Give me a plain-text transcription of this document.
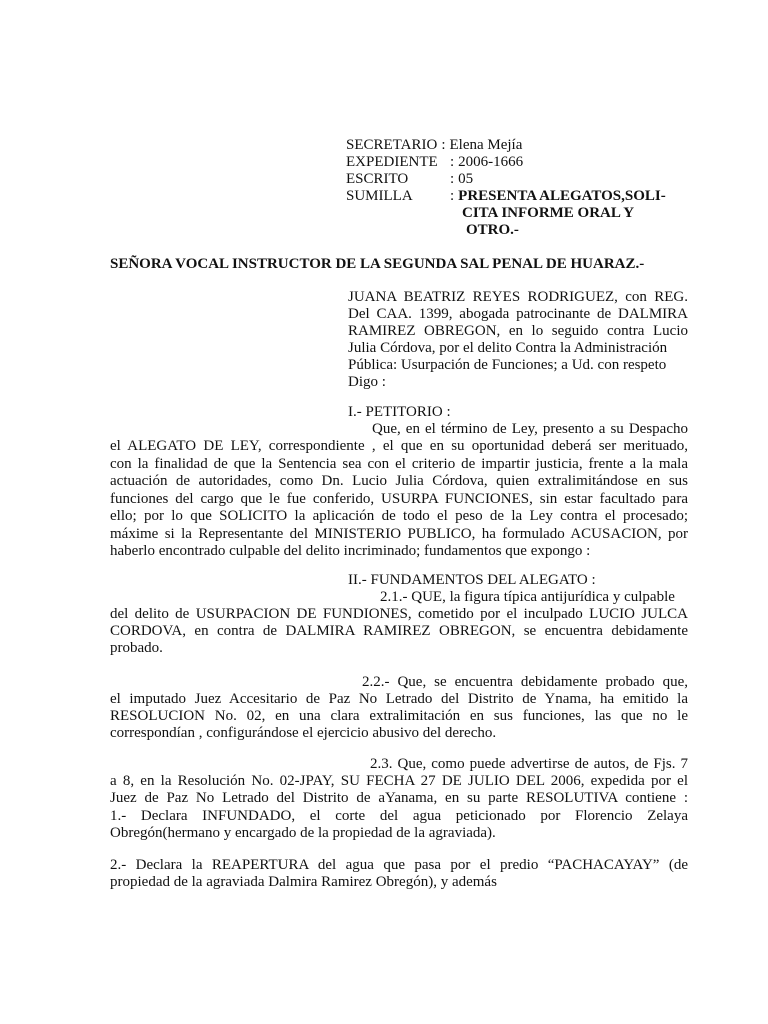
SECRETARIO : Elena Mejía
EXPEDIENTE : 2006-1666
ESCRITO	: 05
SUMILLA : PRESENTA ALEGATOS,SOLI-
CITA INFORME ORAL Y
OTRO.-
SEÑORA VOCAL INSTRUCTOR DE LA SEGUNDA SAL PENAL DE HUARAZ.-
JUANA BEATRIZ REYES RODRIGUEZ, con REG.
Del CAA. 1399, abogada patrocinante de DALMIRA
RAMIREZ OBREGON, en lo seguido contra Lucio
Julia Córdova, por el delito Contra la Administración
Pública: Usurpación de Funciones; a Ud. con respeto
Digo :
I.- PETITORIO :
Que, en el término de Ley, presento a su Despacho
el ALEGATO DE LEY, correspondiente , el que en su oportunidad deberá ser merituado,
con la finalidad de que la Sentencia sea con el criterio de impartir justicia, frente a la mala
actuación de autoridades, como Dn. Lucio Julia Córdova, quien extralimitándose en sus
funciones del cargo que le fue conferido, USURPA FUNCIONES, sin estar facultado para
ello; por lo que SOLICITO la aplicación de todo el peso de la Ley contra el procesado;
máxime si la Representante del MINISTERIO PUBLICO, ha formulado ACUSACION, por
haberlo encontrado culpable del delito incriminado; fundamentos que expongo :
II.- FUNDAMENTOS DEL ALEGATO :
2.1.- QUE, la figura típica antijurídica y culpable
del delito de USURPACION DE FUNDIONES, cometido por el inculpado LUCIO JULCA
CORDOVA, en contra de DALMIRA RAMIREZ OBREGON, se encuentra debidamente
probado.
2.2.- Que, se encuentra debidamente probado que,
el imputado Juez Accesitario de Paz No Letrado del Distrito de Ynama, ha emitido la
RESOLUCION No. 02, en una clara extralimitación en sus funciones, las que no le
correspondían , configurándose el ejercicio abusivo del derecho.
2.3. Que, como puede advertirse de autos, de Fjs. 7
a 8, en la Resolución No. 02-JPAY, SU FECHA 27 DE JULIO DEL 2006, expedida por el
Juez de Paz No Letrado del Distrito de aYanama, en su parte RESOLUTIVA contiene :
1.- Declara INFUNDADO, el corte del agua peticionado por Florencio Zelaya
Obregón(hermano y encargado de la propiedad de la agraviada).
2.- Declara la REAPERTURA del agua que pasa por el predio “PACHACAYAY” (de
propiedad de la agraviada Dalmira Ramirez Obregón), y además
